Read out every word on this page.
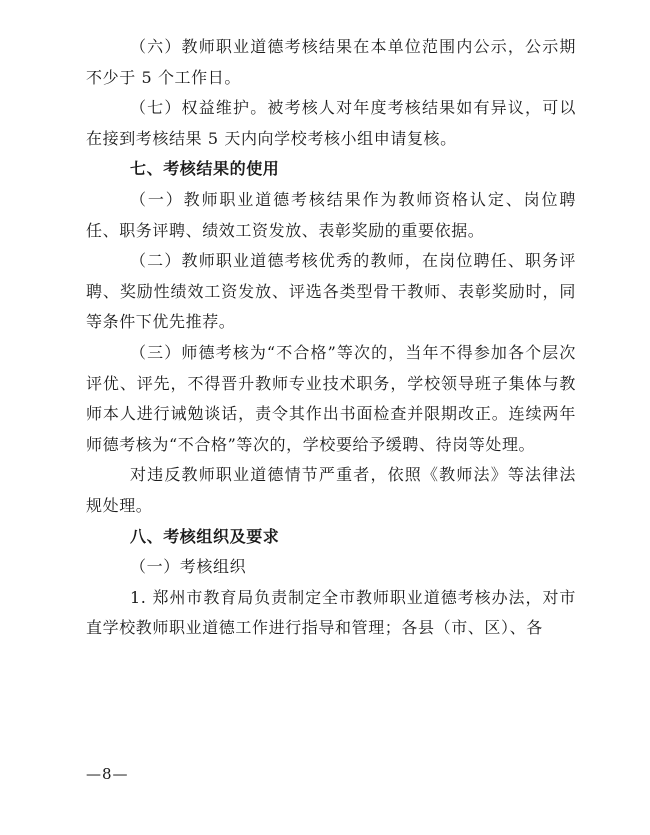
（六）教师职业道德考核结果在本单位范围内公示，公示期不少于 5 个工作日。

（七）权益维护。被考核人对年度考核结果如有异议，可以在接到考核结果 5 天内向学校考核小组申请复核。

七、考核结果的使用

（一）教师职业道德考核结果作为教师资格认定、岗位聘任、职务评聘、绩效工资发放、表彰奖励的重要依据。

（二）教师职业道德考核优秀的教师，在岗位聘任、职务评聘、奖励性绩效工资发放、评选各类型骨干教师、表彰奖励时，同等条件下优先推荐。

（三）师德考核为“不合格”等次的，当年不得参加各个层次评优、评先，不得晋升教师专业技术职务，学校领导班子集体与教师本人进行诫勉谈话，责令其作出书面检查并限期改正。连续两年师德考核为“不合格”等次的，学校要给予缓聘、待岗等处理。

对违反教师职业道德情节严重者，依照《教师法》等法律法规处理。

八、考核组织及要求

（一）考核组织

1. 郑州市教育局负责制定全市教师职业道德考核办法，对市直学校教师职业道德工作进行指导和管理；各县（市、区）、各

—8—
